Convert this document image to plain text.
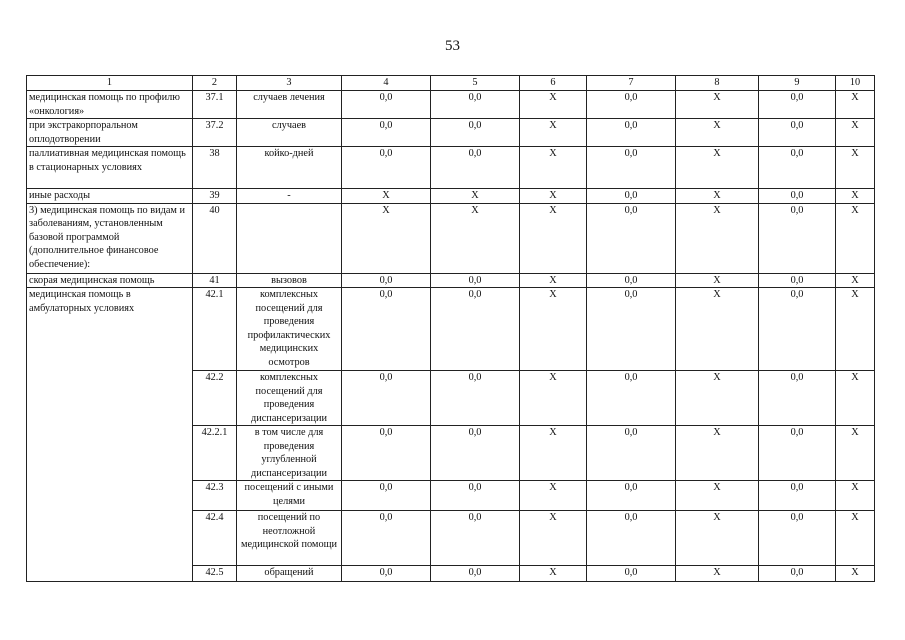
53
1	2	3	4	5	6	7	8	9	10
медицинская помощь по профилю «онкология»	37.1	случаев лечения	0,0	0,0	X	0,0	X	0,0	X
при экстракорпоральном оплодотворении	37.2	случаев	0,0	0,0	X	0,0	X	0,0	X
паллиативная медицинская помощь в стационарных условиях	38	койко-дней	0,0	0,0	X	0,0	X	0,0	X
иные расходы	39	-	X	X	X	0,0	X	0,0	X
3) медицинская помощь по видам и заболеваниям, установленным базовой программой (дополнительное финансовое обеспечение):	40		X	X	X	0,0	X	0,0	X
скорая медицинская помощь	41	вызовов	0,0	0,0	X	0,0	X	0,0	X
медицинская помощь в амбулаторных условиях	42.1	комплексных посещений для проведения профилактических медицинских осмотров	0,0	0,0	X	0,0	X	0,0	X
	42.2	комплексных посещений для проведения диспансеризации	0,0	0,0	X	0,0	X	0,0	X
	42.2.1	в том числе для проведения углубленной диспансеризации	0,0	0,0	X	0,0	X	0,0	X
	42.3	посещений с иными целями	0,0	0,0	X	0,0	X	0,0	X
	42.4	посещений по неотложной медицинской помощи	0,0	0,0	X	0,0	X	0,0	X
	42.5	обращений	0,0	0,0	X	0,0	X	0,0	X
